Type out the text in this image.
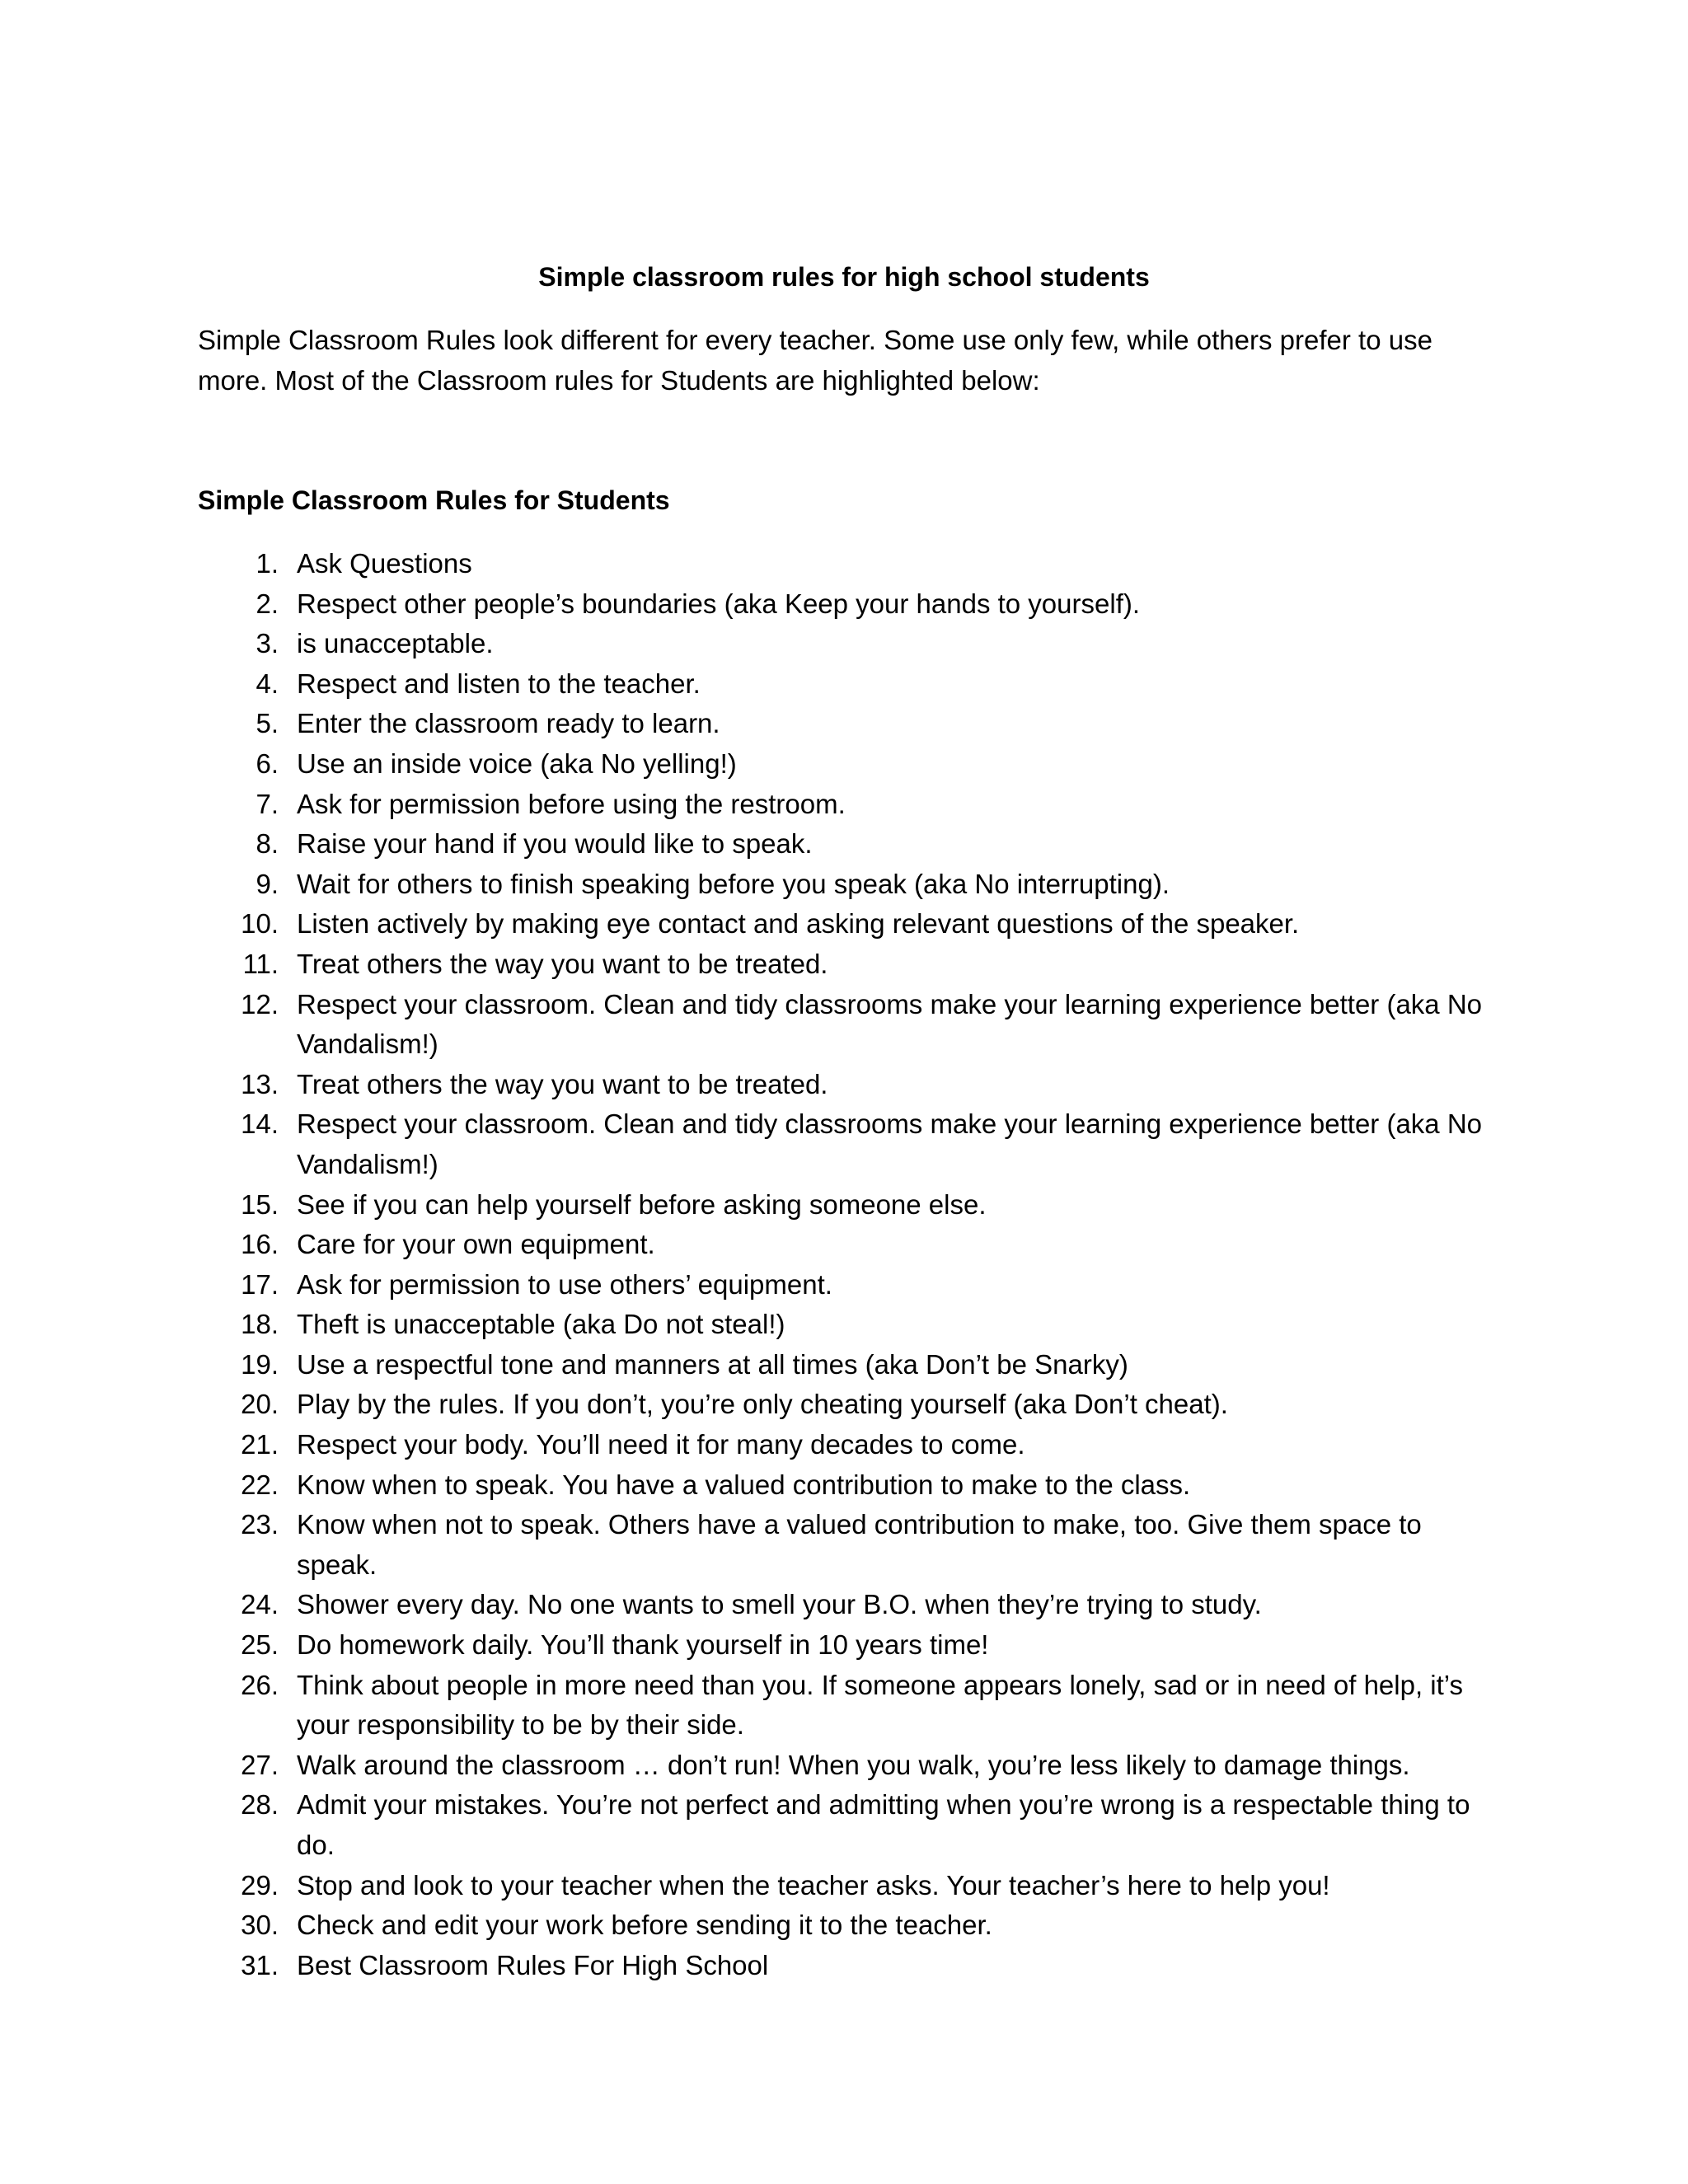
Simple classroom rules for high school students

Simple Classroom Rules look different for every teacher. Some use only few, while others prefer to use more. Most of the Classroom rules for Students are highlighted below:

Simple Classroom Rules for Students
1. Ask Questions
2. Respect other people’s boundaries (aka Keep your hands to yourself).
3. is unacceptable.
4. Respect and listen to the teacher.
5. Enter the classroom ready to learn.
6. Use an inside voice (aka No yelling!)
7. Ask for permission before using the restroom.
8. Raise your hand if you would like to speak.
9. Wait for others to finish speaking before you speak (aka No interrupting).
10. Listen actively by making eye contact and asking relevant questions of the speaker.
11. Treat others the way you want to be treated.
12. Respect your classroom. Clean and tidy classrooms make your learning experience better (aka No Vandalism!)
13. Treat others the way you want to be treated.
14. Respect your classroom. Clean and tidy classrooms make your learning experience better (aka No Vandalism!)
15. See if you can help yourself before asking someone else.
16. Care for your own equipment.
17. Ask for permission to use others’ equipment.
18. Theft is unacceptable (aka Do not steal!)
19. Use a respectful tone and manners at all times (aka Don’t be Snarky)
20. Play by the rules. If you don’t, you’re only cheating yourself (aka Don’t cheat).
21. Respect your body. You’ll need it for many decades to come.
22. Know when to speak. You have a valued contribution to make to the class.
23. Know when not to speak. Others have a valued contribution to make, too. Give them space to speak.
24. Shower every day. No one wants to smell your B.O. when they’re trying to study.
25. Do homework daily. You’ll thank yourself in 10 years time!
26. Think about people in more need than you. If someone appears lonely, sad or in need of help, it’s your responsibility to be by their side.
27. Walk around the classroom … don’t run! When you walk, you’re less likely to damage things.
28. Admit your mistakes. You’re not perfect and admitting when you’re wrong is a respectable thing to do.
29. Stop and look to your teacher when the teacher asks. Your teacher’s here to help you!
30. Check and edit your work before sending it to the teacher.
31. Best Classroom Rules For High School
